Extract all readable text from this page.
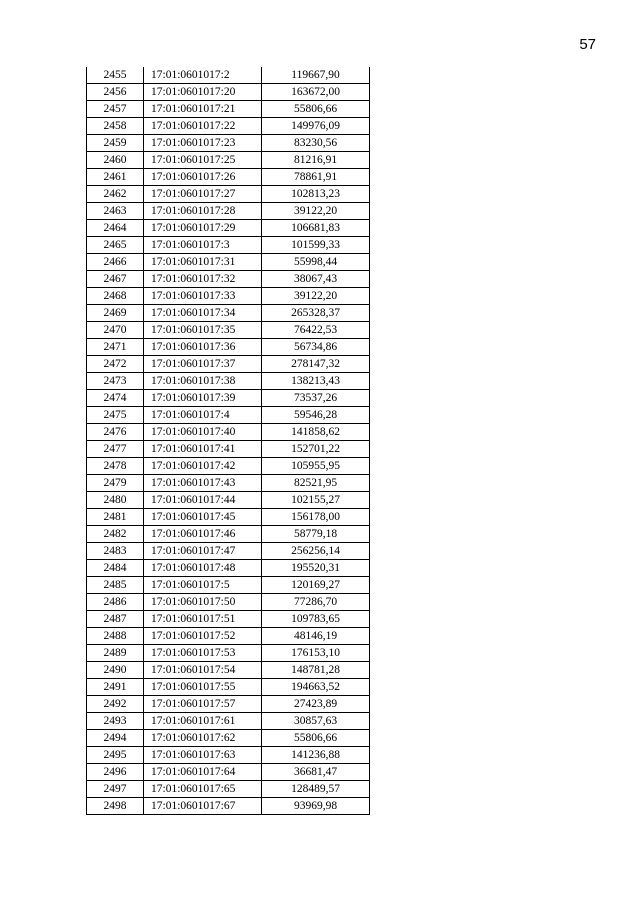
57
2455	17:01:0601017:2	119667,90
2456	17:01:0601017:20	163672,00
2457	17:01:0601017:21	55806,66
2458	17:01:0601017:22	149976,09
2459	17:01:0601017:23	83230,56
2460	17:01:0601017:25	81216,91
2461	17:01:0601017:26	78861,91
2462	17:01:0601017:27	102813,23
2463	17:01:0601017:28	39122,20
2464	17:01:0601017:29	106681,83
2465	17:01:0601017:3	101599,33
2466	17:01:0601017:31	55998,44
2467	17:01:0601017:32	38067,43
2468	17:01:0601017:33	39122,20
2469	17:01:0601017:34	265328,37
2470	17:01:0601017:35	76422,53
2471	17:01:0601017:36	56734,86
2472	17:01:0601017:37	278147,32
2473	17:01:0601017:38	138213,43
2474	17:01:0601017:39	73537,26
2475	17:01:0601017:4	59546,28
2476	17:01:0601017:40	141858,62
2477	17:01:0601017:41	152701,22
2478	17:01:0601017:42	105955,95
2479	17:01:0601017:43	82521,95
2480	17:01:0601017:44	102155,27
2481	17:01:0601017:45	156178,00
2482	17:01:0601017:46	58779,18
2483	17:01:0601017:47	256256,14
2484	17:01:0601017:48	195520,31
2485	17:01:0601017:5	120169,27
2486	17:01:0601017:50	77286,70
2487	17:01:0601017:51	109783,65
2488	17:01:0601017:52	48146,19
2489	17:01:0601017:53	176153,10
2490	17:01:0601017:54	148781,28
2491	17:01:0601017:55	194663,52
2492	17:01:0601017:57	27423,89
2493	17:01:0601017:61	30857,63
2494	17:01:0601017:62	55806,66
2495	17:01:0601017:63	141236,88
2496	17:01:0601017:64	36681,47
2497	17:01:0601017:65	128489,57
2498	17:01:0601017:67	93969,98
